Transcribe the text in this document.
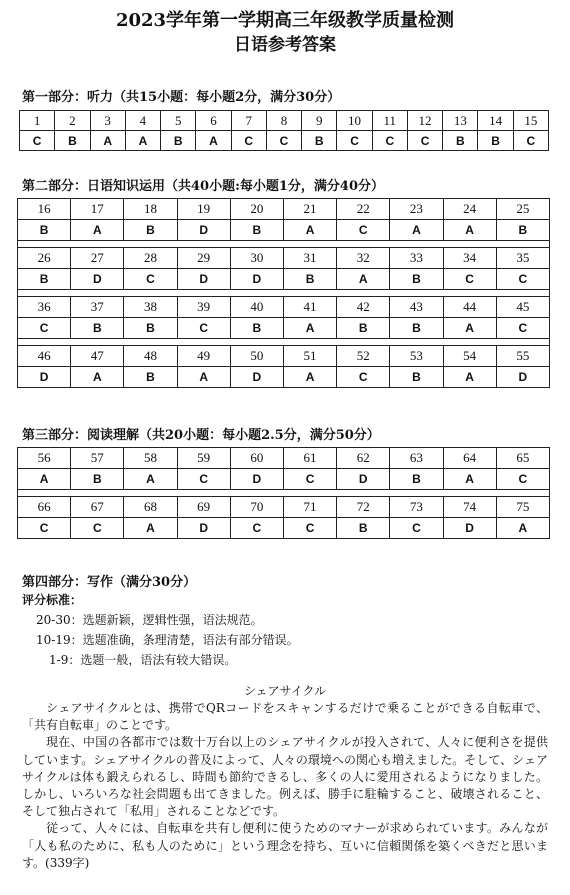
2023学年第一学期高三年级教学质量检测
日语参考答案
第一部分：听力（共15小题：每小题2分，满分30分）
1	2	3	4	5	6	7	8	9	10	11	12	13	14	15
C	B	A	A	B	A	C	C	B	C	C	C	B	B	C
第二部分：日语知识运用（共40小题:每小题1分，满分40分）
16	17	18	19	20	21	22	23	24	25
B	A	B	D	B	A	C	A	A	B

26	27	28	29	30	31	32	33	34	35
B	D	C	D	D	B	A	B	C	C

36	37	38	39	40	41	42	43	44	45
C	B	B	C	B	A	B	B	A	C

46	47	48	49	50	51	52	53	54	55
D	A	B	A	D	A	C	B	A	D
第三部分：阅读理解（共20小题：每小题2.5分，满分50分）
56	57	58	59	60	61	62	63	64	65
A	B	A	C	D	C	D	B	A	C

66	67	68	69	70	71	72	73	74	75
C	C	A	D	C	C	B	C	D	A
第四部分：写作（满分30分）
评分标准：
20-30：选题新颖，逻辑性强，语法规范。
10-19：选题准确，条理清楚，语法有部分错误。
1-9：选题一般，语法有较大错误。
シェアサイクル

シェアサイクルとは、携帯でQRコードをスキャンするだけで乗ることができる自転車で、「共有自転車」のことです。

現在、中国の各都市では数十万台以上のシェアサイクルが投入されて、人々に便利さを提供しています。シェアサイクルの普及によって、人々の環境への関心も増えました。そして、シェアサイクルは体も鍛えられるし、時間も節約できるし、多くの人に愛用されるようになりました。しかし、いろいろな社会問題も出てきました。例えば、勝手に駐輪すること、破壊されること、そして独占されて「私用」されることなどです。

従って、人々には、自転車を共有し便利に使うためのマナーが求められています。みんなが「人も私のために、私も人のために」という理念を持ち、互いに信頼関係を築くべきだと思います。(339字)
